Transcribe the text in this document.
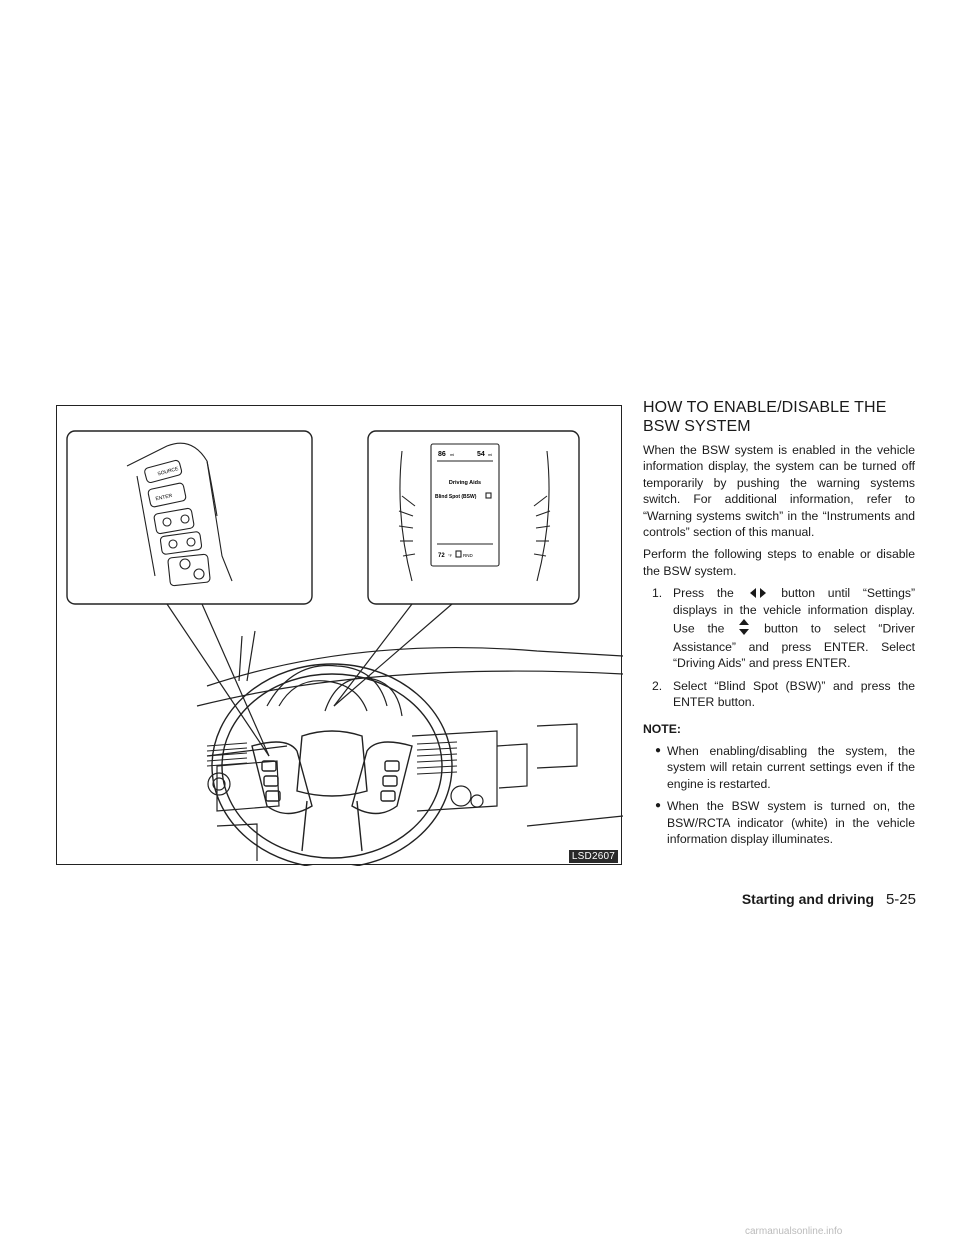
SOURCE
ENTER
86 mi	54 mi
Driving Aids
Blind Spot (BSW)
72 °F RND
LSD2607
HOW TO ENABLE/DISABLE THE BSW SYSTEM

When the BSW system is enabled in the vehicle information display, the system can be turned off temporarily by pushing the warning systems switch. For additional information, refer to “Warning systems switch” in the “Instruments and controls” section of this manual.

Perform the following steps to enable or disable the BSW system.

1. Press the	button until “Settings” displays in the vehicle information display. Use the	button to select “Driver Assistance” and press ENTER. Select “Driving Aids” and press ENTER.
2. Select “Blind Spot (BSW)” and press the ENTER button.
NOTE:
● When enabling/disabling the system, the system will retain current settings even if the engine is restarted.
● When the BSW system is turned on, the BSW/RCTA indicator (white) in the vehicle information display illuminates.
Starting and driving 5-25
carmanualsonline.info
